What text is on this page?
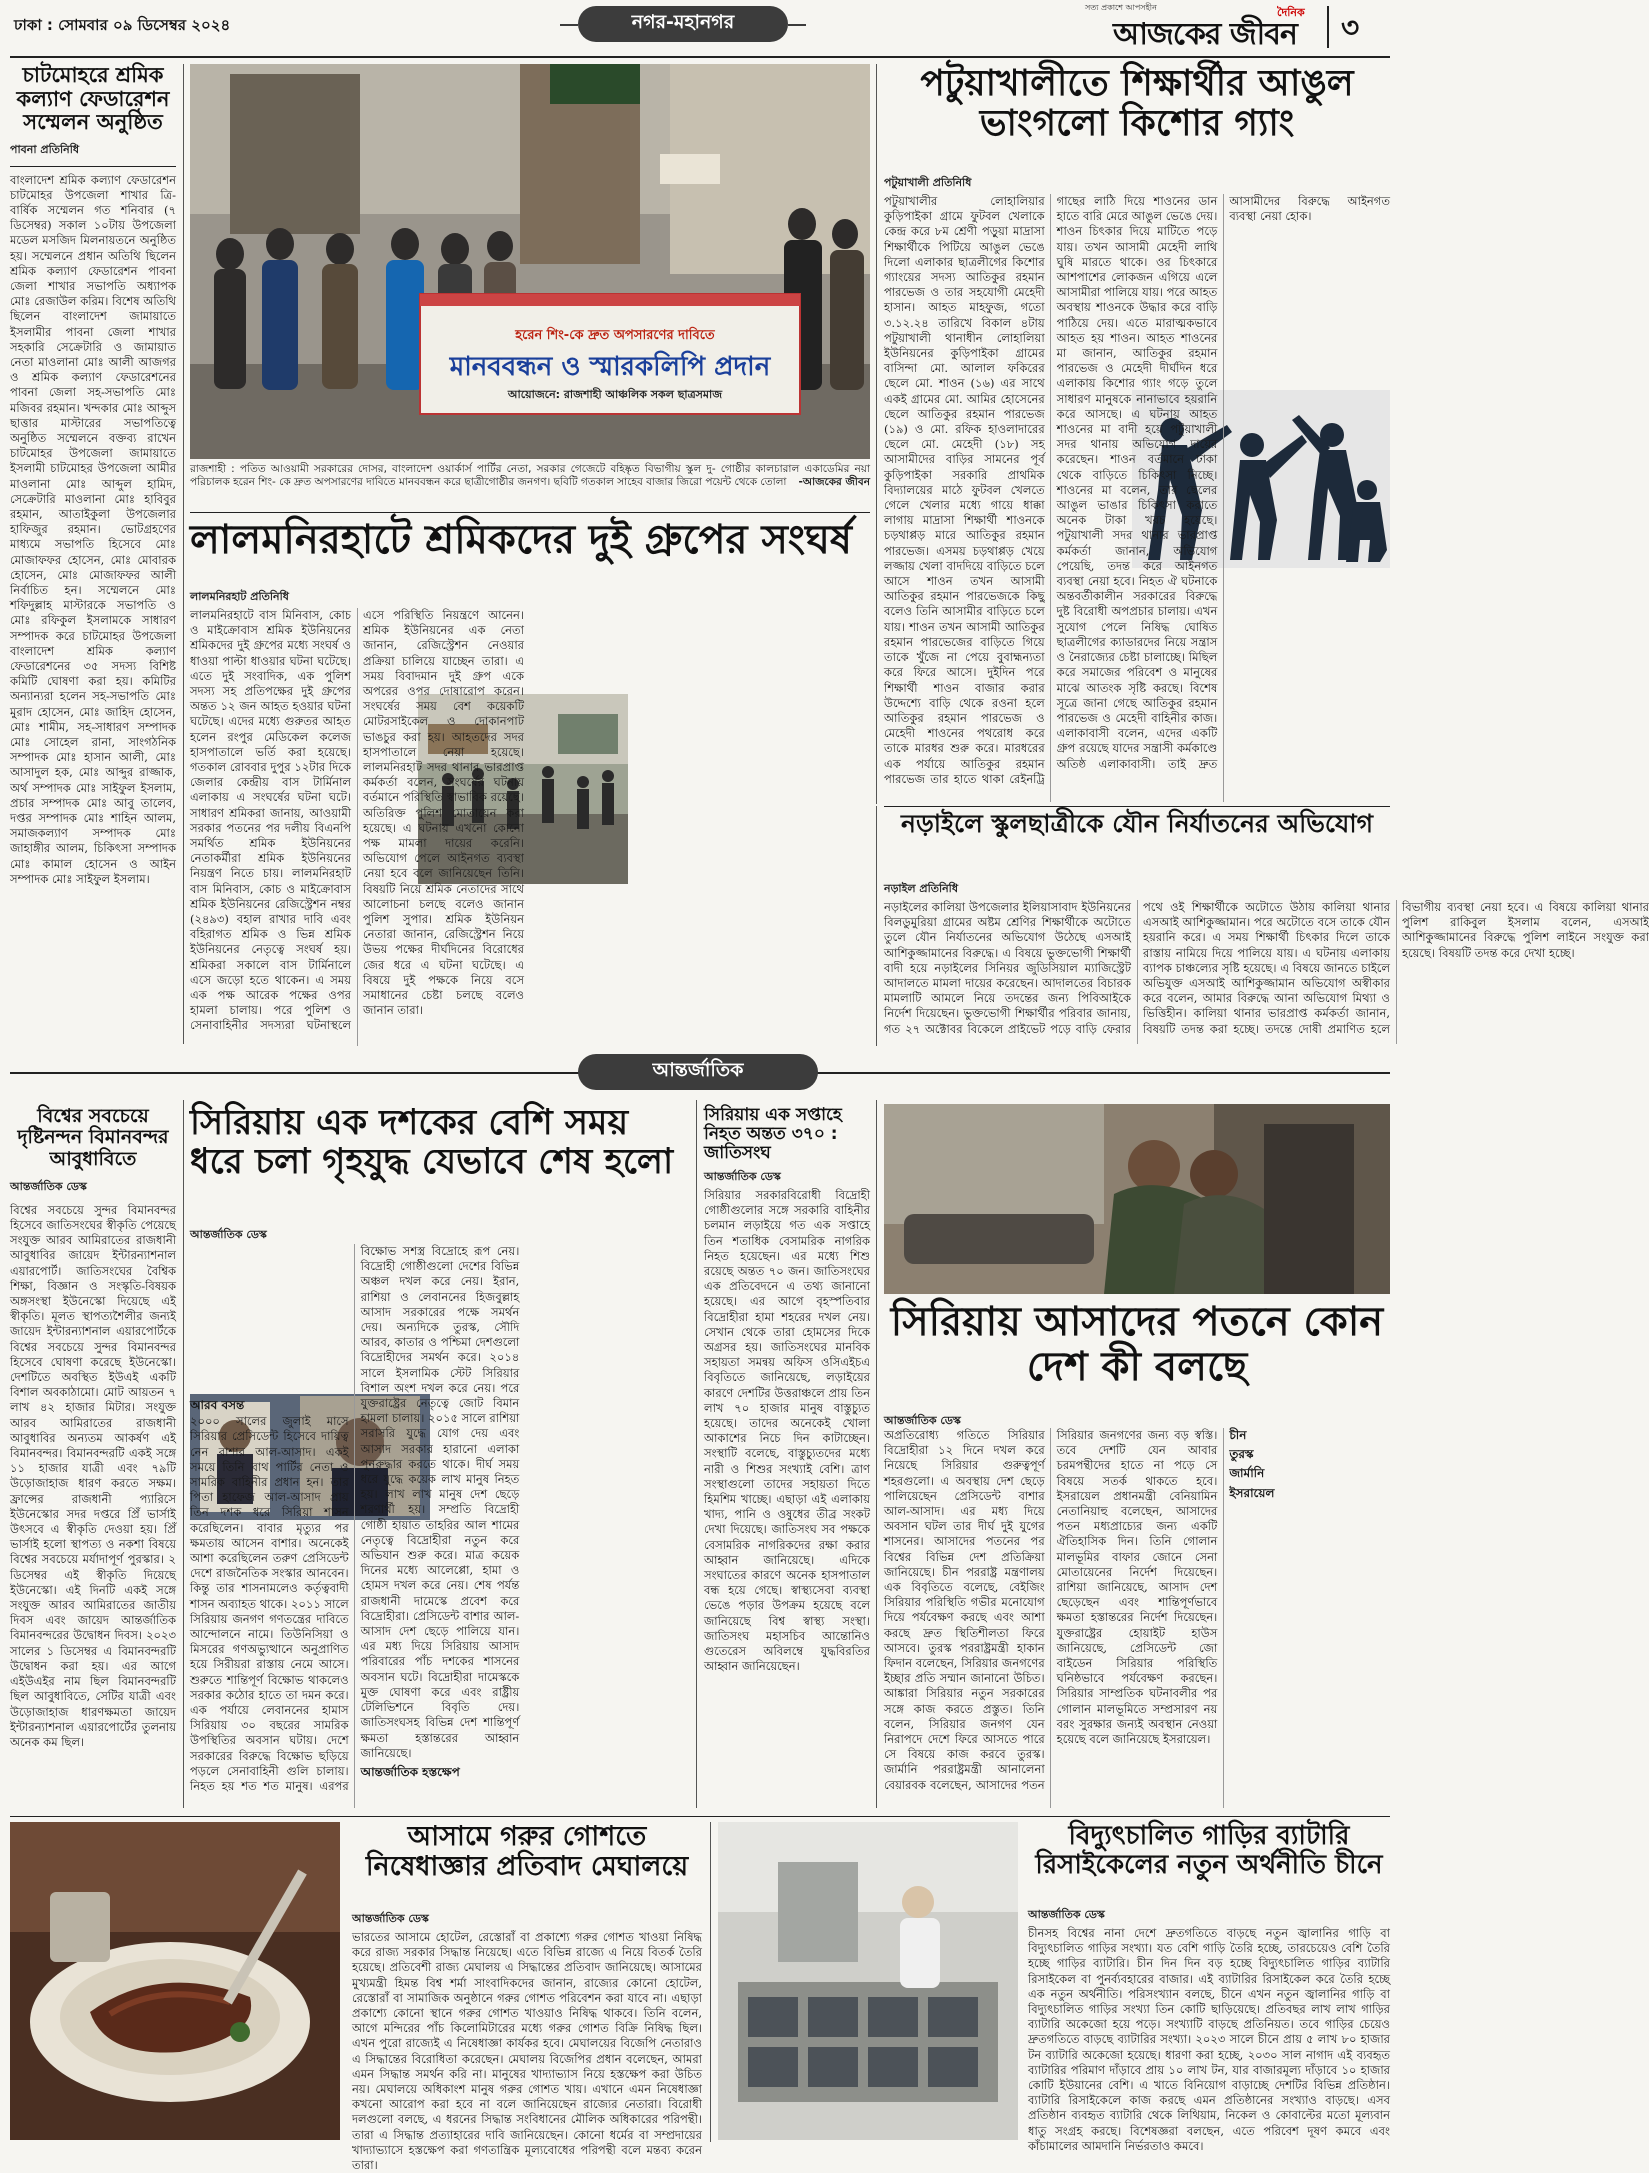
ঢাকা : সোমবার ০৯ ডিসেম্বর ২০২৪	নগর-মহানগর
সত্য প্রকাশে আপসহীন	দৈনিক
আজকের জীবন ৩
চাটমোহরে শ্রমিক কল্যাণ ফেডারেশন সম্মেলন অনুষ্ঠিত
পাবনা প্রতিনিধি
বাংলাদেশ শ্রমিক কল্যাণ ফেডারেশন চাটমোহর উপজেলা শাখার ত্রি-বার্ষিক সম্মেলন গত শনিবার (৭ ডিসেম্বর) সকাল ১০টায় উপজেলা মডেল মসজিদ মিলনায়তনে অনুষ্ঠিত হয়। সম্মেলনে প্রধান অতিথি ছিলেন শ্রমিক কল্যাণ ফেডারেশন পাবনা জেলা শাখার সভাপতি অধ্যাপক মোঃ রেজাউল করিম। বিশেষ অতিথি ছিলেন বাংলাদেশ জামায়াতে ইসলামীর পাবনা জেলা শাখার সহকারি সেক্রেটারি ও জামায়াত নেতা মাওলানা মোঃ আলী আজগর ও শ্রমিক কল্যাণ ফেডারেশনের পাবনা জেলা সহ-সভাপতি মোঃ মজিবর রহমান। খন্দকার মোঃ আব্দুস ছাত্তার মাস্টারের সভাপতিত্বে অনুষ্ঠিত সম্মেলনে বক্তব্য রাখেন চাটমোহর উপজেলা জামায়াতে ইসলামী চাটমোহর উপজেলা আমীর মাওলানা মোঃ আব্দুল হামিদ, সেক্রেটারি মাওলানা মোঃ হাবিবুর রহমান, আতাইকুলা উপজেলার হাফিজুর রহমান। ভোটগ্রহণের মাধ্যমে সভাপতি হিসেবে মোঃ মোজাফফর হোসেন, মোঃ মোবারক হোসেন, মোঃ মোজাফফর আলী নির্বাচিত হন। সম্মেলনে মোঃ শফিদুল্লাহ মাস্টারকে সভাপতি ও মোঃ রফিকুল ইসলামকে সাধারণ সম্পাদক করে চাটমোহর উপজেলা বাংলাদেশ শ্রমিক কল্যাণ ফেডারেশনের ৩৫ সদস্য বিশিষ্ট কমিটি ঘোষণা করা হয়। কমিটির অন্যান্যরা হলেন সহ-সভাপতি মোঃ মুরাদ হোসেন, মোঃ জাহিদ হোসেন, মোঃ শামীম, সহ-সাধারণ সম্পাদক মোঃ সোহেল রানা, সাংগঠনিক সম্পাদক মোঃ হাসান আলী, মোঃ আসাদুল হক, মোঃ আব্দুর রাজ্জাক, অর্থ সম্পাদক মোঃ সাইফুল ইসলাম, প্রচার সম্পাদক মোঃ আবু তালেব, দপ্তর সম্পাদক মোঃ শাহিন আলম, সমাজকল্যাণ সম্পাদক মোঃ জাহাঙ্গীর আলম, চিকিৎসা সম্পাদক মোঃ কামাল হোসেন ও আইন সম্পাদক মোঃ সাইফুল ইসলাম।
হরেন শিং-কে দ্রুত অপসারণের দাবিতে
মানববন্ধন ও স্মারকলিপি প্রদান
আয়োজনে: রাজশাহী আঞ্চলিক সকল ছাত্রসমাজ
রাজশাহী : পতিত আওয়ামী সরকারের দোসর, বাংলাদেশ ওয়ার্কার্স পার্টির নেতা, সরকার গেজেটে বহিষ্কৃত বিভাগীয় স্কুল দু- গোষ্ঠীর কালচারাল একাডেমির নয়া পরিচালক হরেন শিং- কে দ্রুত অপসারণের দাবিতে মানববন্ধন করে ছাত্রীগোষ্ঠীর জনগণ। ছবিটি গতকাল সাহেব বাজার জিরো পয়েন্ট থেকে তোলা -আজকের জীবন
পটুয়াখালীতে শিক্ষার্থীর আঙুল ভাংগলো কিশোর গ্যাং
পটুয়াখালী প্রতিনিধি
পটুয়াখালীর লোহালিয়ার কুড়িপাইকা গ্রামে ফুটবল খেলাকে কেন্দ্র করে ৮ম শ্রেণী পড়ুয়া মাদ্রাসা শিক্ষার্থীকে পিটিয়ে আঙুল ভেঙে দিলো এলাকার ছাত্রলীগের কিশোর গ্যাংয়ের সদস্য আতিকুর রহমান পারভেজ ও তার সহযোগী মেহেদী হাসান। আহত মাহফুজ, গতো ৩.১২.২৪ তারিখে বিকাল ৪টায় পটুয়াখালী থানাধীন লোহালিয়া ইউনিয়নের কুড়িপাইকা গ্রামের বাসিন্দা মো. আলাল ফকিরের ছেলে মো. শাওন (১৬) এর সাথে একই গ্রামের মো. আমির হোসেনের ছেলে আতিকুর রহমান পারভেজ (১৯) ও মো. রফিক হাওলাদারের ছেলে মো. মেহেদী (১৮) সহ আসামীদের বাড়ির সামনের পূর্ব কুড়িপাইকা সরকারি প্রাথমিক বিদ্যালয়ের মাঠে ফুটবল খেলতে গেলে খেলার মধ্যে গায়ে ধাক্কা লাগায় মাদ্রাসা শিক্ষার্থী শাওনকে চড়থাপ্পড় মারে আতিকুর রহমান পারভেজ। এসময় চড়থাপ্পড় খেয়ে লজ্জায় খেলা বাদদিয়ে বাড়িতে চলে আসে শাওন তখন আসামী আতিকুর রহমান পারভেজকে কিছু বলেও তিনি আসামীর বাড়িতে চলে যায়। শাওন তখন আসামী আতিকুর রহমান পারভেজের বাড়িতে গিয়ে তাকে খুঁজে না পেয়ে বুবাহ্মন্যতা করে ফিরে আসে। দুইদিন পরে শিক্ষার্থী শাওন বাজার করার উদ্দেশ্যে বাড়ি থেকে রওনা হলে আতিকুর রহমান পারভেজ ও মেহেদী শাওনের পথরোধ করে তাকে মারধর শুরু করে। মারধরের এক পর্যায়ে আতিকুর রহমান পারভেজ তার হাতে থাকা রেইনট্রি গাছের লাঠি দিয়ে শাওনের ডান হাতে বারি মেরে আঙুল ভেঙে দেয়। শাওন চিৎকার দিয়ে মাটিতে পড়ে যায়। তখন আসামী মেহেদী লাথি ঘুষি মারতে থাকে। ওর চিৎকারে আশপাশের লোকজন এগিয়ে এলে আসামীরা পালিয়ে যায়। পরে আহত অবস্থায় শাওনকে উদ্ধার করে বাড়ি পাঠিয়ে দেয়। এতে মারাত্মকভাবে আহত হয় শাওন। আহত শাওনের মা জানান, আতিকুর রহমান পারভেজ ও মেহেদী দীর্ঘদিন ধরে এলাকায় কিশোর গ্যাং গড়ে তুলে সাধারণ মানুষকে নানাভাবে হয়রানি করে আসছে। এ ঘটনায় আহত শাওনের মা বাদী হয়ে পটুয়াখালী সদর থানায় অভিযোগ দায়ের করেছেন। শাওন বর্তমানে ঢাকা থেকে বাড়িতে চিকিৎসা নিচ্ছে। শাওনের মা বলেন, তার ছেলের আঙুল ভাঙার চিকিৎসা করাতে অনেক টাকা খরচ হয়েছে। পটুয়াখালী সদর থানার ভারপ্রাপ্ত কর্মকর্তা জানান, অভিযোগ পেয়েছি, তদন্ত করে আইনগত ব্যবস্থা নেয়া হবে। নিহত ঐ ঘটনাকে অন্তবর্তীকালীন সরকারের বিরুদ্ধে দুষ্ট বিরোধী অপপ্রচার চালায়। এখন সুযোগ পেলে নিষিদ্ধ ঘোষিত ছাত্রলীগের ক্যাডারদের নিয়ে সন্ত্রাস ও নৈরাজ্যের চেষ্টা চালাচ্ছে। মিছিল করে সমাজের পরিবেশ ও মানুষের মাঝে আতংক সৃষ্টি করছে। বিশেষ সূত্রে জানা গেছে আতিকুর রহমান পারভেজ ও মেহেদী বাহিনীর কাজ। এলাকাবাসী বলেন, এদের একটি গ্রুপ রয়েছে যাদের সন্ত্রাসী কর্মকাণ্ডে অতিষ্ঠ এলাকাবাসী। তাই দ্রুত আসামীদের বিরুদ্ধে আইনগত ব্যবস্থা নেয়া হোক।
লালমনিরহাটে শ্রমিকদের দুই গ্রুপের সংঘর্ষ
লালমনিরহাট প্রতিনিধি
লালমনিরহাটে বাস মিনিবাস, কোচ ও মাইক্রোবাস শ্রমিক ইউনিয়নের শ্রমিকদের দুই গ্রুপের মধ্যে সংঘর্ষ ও ধাওয়া পাল্টা ধাওয়ার ঘটনা ঘটেছে। এতে দুই সংবাদিক, এক পুলিশ সদস্য সহ প্রতিপক্ষের দুই গ্রুপের অন্তত ১২ জন আহত হওয়ার ঘটনা ঘটেছে। এদের মধ্যে গুরুতর আহত হলেন রংপুর মেডিকেল কলেজ হাসপাতালে ভর্তি করা হয়েছে। গতকাল রোববার দুপুর ১২টার দিকে জেলার কেন্দ্রীয় বাস টার্মিনাল এলাকায় এ সংঘর্ষের ঘটনা ঘটে। সাধারণ শ্রমিকরা জানায়, আওয়ামী সরকার পতনের পর দলীয় বিএনপি সমর্থিত শ্রমিক ইউনিয়নের নেতাকর্মীরা শ্রমিক ইউনিয়নের নিয়ন্ত্রণ নিতে চায়। লালমনিরহাট বাস মিনিবাস, কোচ ও মাইক্রোবাস শ্রমিক ইউনিয়নের রেজিস্ট্রেশন নম্বর (২৪৯৩) বহাল রাখার দাবি এবং বহিরাগত শ্রমিক ও ভিন্ন শ্রমিক ইউনিয়নের নেতৃত্বে সংঘর্ষ হয়। শ্রমিকরা সকালে বাস টার্মিনালে এসে জড়ো হতে থাকেন। এ সময় এক পক্ষ আরেক পক্ষের ওপর হামলা চালায়। পরে পুলিশ ও সেনাবাহিনীর সদস্যরা ঘটনাস্থলে এসে পরিস্থিতি নিয়ন্ত্রণে আনেন। শ্রমিক ইউনিয়নের এক নেতা জানান, রেজিস্ট্রেশন নেওয়ার প্রক্রিয়া চালিয়ে যাচ্ছেন তারা। এ সময় বিবাদমান দুই গ্রুপ একে অপরের ওপর দোষারোপ করেন। সংঘর্ষের সময় বেশ কয়েকটি মোটরসাইকেল ও দোকানপাট ভাঙচুর করা হয়। আহতদের সদর হাসপাতালে নেয়া হয়েছে। লালমনিরহাট সদর থানার ভারপ্রাপ্ত কর্মকর্তা বলেন, সংঘর্ষের ঘটনায় বর্তমানে পরিস্থিতি স্বাভাবিক রয়েছে। অতিরিক্ত পুলিশ মোতায়েন করা হয়েছে। এ ঘটনায় এখনো কোনো পক্ষ মামলা দায়ের করেনি। অভিযোগ পেলে আইনগত ব্যবস্থা নেয়া হবে বলে জানিয়েছেন তিনি। বিষয়টি নিয়ে শ্রমিক নেতাদের সাথে আলোচনা চলছে বলেও জানান পুলিশ সুপার। শ্রমিক ইউনিয়ন নেতারা জানান, রেজিস্ট্রেশন নিয়ে উভয় পক্ষের দীর্ঘদিনের বিরোধের জের ধরে এ ঘটনা ঘটেছে। এ বিষয়ে দুই পক্ষকে নিয়ে বসে সমাধানের চেষ্টা চলছে বলেও জানান তারা।
নড়াইলে স্কুলছাত্রীকে যৌন নির্যাতনের অভিযোগ
নড়াইল প্রতিনিধি
নড়াইলের কালিয়া উপজেলার ইলিয়াসাবাদ ইউনিয়নের বিলডুমুরিয়া গ্রামের অষ্টম শ্রেণির শিক্ষার্থীকে অটোতে তুলে যৌন নির্যাতনের অভিযোগ উঠেছে এসআই আশিকুজ্জামানের বিরুদ্ধে। এ বিষয়ে ভুক্তভোগী শিক্ষার্থী বাদী হয়ে নড়াইলের সিনিয়র জুডিসিয়াল ম্যাজিস্ট্রেট আদালতে মামলা দায়ের করেছেন। আদালতের বিচারক মামলাটি আমলে নিয়ে তদন্তের জন্য পিবিআইকে নির্দেশ দিয়েছেন। ভুক্তভোগী শিক্ষার্থীর পরিবার জানায়, গত ২৭ অক্টোবর বিকেলে প্রাইভেট পড়ে বাড়ি ফেরার পথে ওই শিক্ষার্থীকে অটোতে উঠায় কালিয়া থানার এসআই আশিকুজ্জামান। পরে অটোতে বসে তাকে যৌন হয়রানি করে। এ সময় শিক্ষার্থী চিৎকার দিলে তাকে রাস্তায় নামিয়ে দিয়ে পালিয়ে যায়। এ ঘটনায় এলাকায় ব্যাপক চাঞ্চল্যের সৃষ্টি হয়েছে। এ বিষয়ে জানতে চাইলে অভিযুক্ত এসআই আশিকুজ্জামান অভিযোগ অস্বীকার করে বলেন, আমার বিরুদ্ধে আনা অভিযোগ মিথ্যা ও ভিত্তিহীন। কালিয়া থানার ভারপ্রাপ্ত কর্মকর্তা জানান, বিষয়টি তদন্ত করা হচ্ছে। তদন্তে দোষী প্রমাণিত হলে বিভাগীয় ব্যবস্থা নেয়া হবে। এ বিষয়ে কালিয়া থানার পুলিশ রাকিবুল ইসলাম বলেন, এসআই আশিকুজ্জামানের বিরুদ্ধে পুলিশ লাইনে সংযুক্ত করা হয়েছে। বিষয়টি তদন্ত করে দেখা হচ্ছে।
আন্তর্জাতিক
বিশ্বের সবচেয়ে দৃষ্টিনন্দন বিমানবন্দর আবুধাবিতে
আন্তর্জাতিক ডেস্ক
বিশ্বের সবচেয়ে সুন্দর বিমানবন্দর হিসেবে জাতিসংঘের স্বীকৃতি পেয়েছে সংযুক্ত আরব আমিরাতের রাজধানী আবুধাবির জায়েদ ইন্টারন্যাশনাল এয়ারপোর্ট। জাতিসংঘের বৈশ্বিক শিক্ষা, বিজ্ঞান ও সংস্কৃতি-বিষয়ক অঙ্গসংস্থা ইউনেস্কো দিয়েছে এই স্বীকৃতি। মূলত স্থাপত্যশৈলীর জন্যই জায়েদ ইন্টারন্যাশনাল এয়ারপোর্টকে বিশ্বের সবচেয়ে সুন্দর বিমানবন্দর হিসেবে ঘোষণা করেছে ইউনেস্কো। দেশটিতে অবস্থিত ইউএই একটি বিশাল অবকাঠামো। মোট আয়তন ৭ লাখ ৪২ হাজার মিটার। সংযুক্ত আরব আমিরাতের রাজধানী আবুধাবির অন্যতম আকর্ষণ এই বিমানবন্দর। বিমানবন্দরটি একই সঙ্গে ১১ হাজার যাত্রী এবং ৭৯টি উড়োজাহাজ ধারণ করতে সক্ষম। ফ্রান্সের রাজধানী প্যারিসে ইউনেস্কোর সদর দপ্তরে প্রিঁ ভার্সাই উৎসবে এ স্বীকৃতি দেওয়া হয়। প্রিঁ ভার্সাই হলো স্থাপত্য ও নকশা বিষয়ে বিশ্বের সবচেয়ে মর্যাদাপূর্ণ পুরস্কার। ২ ডিসেম্বর এই স্বীকৃতি দিয়েছে ইউনেস্কো। এই দিনটি একই সঙ্গে সংযুক্ত আরব আমিরাতের জাতীয় দিবস এবং জায়েদ আন্তর্জাতিক বিমানবন্দরের উদ্বোধন দিবস। ২০২৩ সালের ১ ডিসেম্বর এ বিমানবন্দরটি উদ্বোধন করা হয়। এর আগে এইউএইর নাম ছিল বিমানবন্দরটি ছিল আবুধাবিতে, সেটির যাত্রী এবং উড়োজাহাজ ধারণক্ষমতা জায়েদ ইন্টারন্যাশনাল এয়ারপোর্টের তুলনায় অনেক কম ছিল।
সিরিয়ায় এক দশকের বেশি সময় ধরে চলা গৃহযুদ্ধ যেভাবে শেষ হলো
আন্তর্জাতিক ডেস্ক
আরব বসন্ত
২০০০ সালের জুলাই মাসে সিরিয়ার প্রেসিডেন্ট হিসেবে দায়িত্ব নেন বাশার আল-আসাদ। একই সময়ে তিনি বাথ পার্টির নেতা ও সামরিক বাহিনীর প্রধান হন। তার পিতা হাফেজ আল-আসাদ প্রায় তিন দশক ধরে সিরিয়া শাসন করেছিলেন। বাবার মৃত্যুর পর ক্ষমতায় আসেন বাশার। অনেকেই আশা করেছিলেন তরুণ প্রেসিডেন্ট দেশে রাজনৈতিক সংস্কার আনবেন। কিন্তু তার শাসনামলেও কর্তৃত্ববাদী শাসন অব্যাহত থাকে। ২০১১ সালে সিরিয়ায় জনগণ গণতন্ত্রের দাবিতে আন্দোলনে নামে। তিউনিসিয়া ও মিসরের গণঅভ্যুত্থানে অনুপ্রাণিত হয়ে সিরীয়রা রাস্তায় নেমে আসে। শুরুতে শান্তিপূর্ণ বিক্ষোভ থাকলেও সরকার কঠোর হাতে তা দমন করে। এক পর্যায়ে লেবাননের হামাস সিরিয়ায় ৩০ বছরের সামরিক উপস্থিতির অবসান ঘটায়। দেশে সরকারের বিরুদ্ধে বিক্ষোভ ছড়িয়ে পড়লে সেনাবাহিনী গুলি চালায়। নিহত হয় শত শত মানুষ। এরপর বিক্ষোভ সশস্ত্র বিদ্রোহে রূপ নেয়। বিদ্রোহী গোষ্ঠীগুলো দেশের বিভিন্ন অঞ্চল দখল করে নেয়। ইরান, রাশিয়া ও লেবাননের হিজবুল্লাহ আসাদ সরকারের পক্ষে সমর্থন দেয়। অন্যদিকে তুরস্ক, সৌদি আরব, কাতার ও পশ্চিমা দেশগুলো বিদ্রোহীদের সমর্থন করে। ২০১৪ সালে ইসলামিক স্টেট সিরিয়ার বিশাল অংশ দখল করে নেয়। পরে যুক্তরাষ্ট্রের নেতৃত্বে জোট বিমান হামলা চালায়। ২০১৫ সালে রাশিয়া সরাসরি যুদ্ধে যোগ দেয় এবং আসাদ সরকার হারানো এলাকা পুনরুদ্ধার করতে থাকে। দীর্ঘ সময় ধরে যুদ্ধে কয়েক লাখ মানুষ নিহত হয়। লাখ লাখ মানুষ দেশ ছেড়ে শরণার্থী হয়। সম্প্রতি বিদ্রোহী গোষ্ঠী হায়াত তাহরির আল শামের নেতৃত্বে বিদ্রোহীরা নতুন করে অভিযান শুরু করে। মাত্র কয়েক দিনের মধ্যে আলেপ্পো, হামা ও হোমস দখল করে নেয়। শেষ পর্যন্ত রাজধানী দামেস্কে প্রবেশ করে বিদ্রোহীরা। প্রেসিডেন্ট বাশার আল-আসাদ দেশ ছেড়ে পালিয়ে যান। এর মধ্য দিয়ে সিরিয়ায় আসাদ পরিবারের পাঁচ দশকের শাসনের অবসান ঘটে। বিদ্রোহীরা দামেস্ককে মুক্ত ঘোষণা করে এবং রাষ্ট্রীয় টেলিভিশনে বিবৃতি দেয়। জাতিসংঘসহ বিভিন্ন দেশ শান্তিপূর্ণ ক্ষমতা হস্তান্তরের আহ্বান জানিয়েছে।
আন্তর্জাতিক হস্তক্ষেপ
সিরিয়ায় এক সপ্তাহে নিহত অন্তত ৩৭০ : জাতিসংঘ
আন্তর্জাতিক ডেস্ক
সিরিয়ার সরকারবিরোধী বিদ্রোহী গোষ্ঠীগুলোর সঙ্গে সরকারি বাহিনীর চলমান লড়াইয়ে গত এক সপ্তাহে তিন শতাধিক বেসামরিক নাগরিক নিহত হয়েছেন। এর মধ্যে শিশু রয়েছে অন্তত ৭০ জন। জাতিসংঘের এক প্রতিবেদনে এ তথ্য জানানো হয়েছে। এর আগে বৃহস্পতিবার বিদ্রোহীরা হামা শহরের দখল নেয়। সেখান থেকে তারা হোমসের দিকে অগ্রসর হয়। জাতিসংঘের মানবিক সহায়তা সমন্বয় অফিস ওসিএইচএ বিবৃতিতে জানিয়েছে, লড়াইয়ের কারণে দেশটির উত্তরাঞ্চলে প্রায় তিন লাখ ৭০ হাজার মানুষ বাস্তুচ্যুত হয়েছে। তাদের অনেকেই খোলা আকাশের নিচে দিন কাটাচ্ছেন। সংস্থাটি বলেছে, বাস্তুচ্যুতদের মধ্যে নারী ও শিশুর সংখ্যাই বেশি। ত্রাণ সংস্থাগুলো তাদের সহায়তা দিতে হিমশিম খাচ্ছে। এছাড়া এই এলাকায় খাদ্য, পানি ও ওষুধের তীব্র সংকট দেখা দিয়েছে। জাতিসংঘ সব পক্ষকে বেসামরিক নাগরিকদের রক্ষা করার আহ্বান জানিয়েছে। এদিকে সংঘাতের কারণে অনেক হাসপাতাল বন্ধ হয়ে গেছে। স্বাস্থ্যসেবা ব্যবস্থা ভেঙে পড়ার উপক্রম হয়েছে বলে জানিয়েছে বিশ্ব স্বাস্থ্য সংস্থা। জাতিসংঘ মহাসচিব আন্তোনিও গুতেরেস অবিলম্বে যুদ্ধবিরতির আহ্বান জানিয়েছেন।
সিরিয়ায় আসাদের পতনে কোন দেশ কী বলছে
আন্তর্জাতিক ডেস্ক
অপ্রতিরোধ্য গতিতে সিরিয়ার বিদ্রোহীরা ১২ দিনে দখল করে নিয়েছে সিরিয়ার গুরুত্বপূর্ণ শহরগুলো। এ অবস্থায় দেশ ছেড়ে পালিয়েছেন প্রেসিডেন্ট বাশার আল-আসাদ। এর মধ্য দিয়ে অবসান ঘটল তার দীর্ঘ দুই যুগের শাসনের। আসাদের পতনের পর বিশ্বের বিভিন্ন দেশ প্রতিক্রিয়া জানিয়েছে। চীন পররাষ্ট্র মন্ত্রণালয় এক বিবৃতিতে বলেছে, বেইজিং সিরিয়ার পরিস্থিতি গভীর মনোযোগ দিয়ে পর্যবেক্ষণ করছে এবং আশা করছে দ্রুত স্থিতিশীলতা ফিরে আসবে। তুরস্ক পররাষ্ট্রমন্ত্রী হাকান ফিদান বলেছেন, সিরিয়ার জনগণের ইচ্ছার প্রতি সম্মান জানানো উচিত। আঙ্কারা সিরিয়ার নতুন সরকারের সঙ্গে কাজ করতে প্রস্তুত। তিনি বলেন, সিরিয়ার জনগণ যেন নিরাপদে দেশে ফিরে আসতে পারে সে বিষয়ে কাজ করবে তুরস্ক। জার্মানি পররাষ্ট্রমন্ত্রী আনালেনা বেয়ারবক বলেছেন, আসাদের পতন সিরিয়ার জনগণের জন্য বড় স্বস্তি। তবে দেশটি যেন আবার চরমপন্থীদের হাতে না পড়ে সে বিষয়ে সতর্ক থাকতে হবে। ইসরায়েল প্রধানমন্ত্রী বেনিয়ামিন নেতানিয়াহু বলেছেন, আসাদের পতন মধ্যপ্রাচ্যের জন্য একটি ঐতিহাসিক দিন। তিনি গোলান মালভূমির বাফার জোনে সেনা মোতায়েনের নির্দেশ দিয়েছেন। রাশিয়া জানিয়েছে, আসাদ দেশ ছেড়েছেন এবং শান্তিপূর্ণভাবে ক্ষমতা হস্তান্তরের নির্দেশ দিয়েছেন। যুক্তরাষ্ট্রের হোয়াইট হাউস জানিয়েছে, প্রেসিডেন্ট জো বাইডেন সিরিয়ার পরিস্থিতি ঘনিষ্ঠভাবে পর্যবেক্ষণ করছেন। সিরিয়ার সাম্প্রতিক ঘটনাবলীর পর গোলান মালভূমিতে সম্প্রসারণ নয় বরং সুরক্ষার জন্যই অবস্থান নেওয়া হয়েছে বলে জানিয়েছে ইসরায়েল।
চীন
তুরস্ক
জার্মানি
ইসরায়েল
আসামে গরুর গোশতে নিষেধাজ্ঞার প্রতিবাদ মেঘালয়ে
আন্তর্জাতিক ডেস্ক
ভারতের আসামে হোটেল, রেস্তোরাঁ বা প্রকাশ্যে গরুর গোশত খাওয়া নিষিদ্ধ করে রাজ্য সরকার সিদ্ধান্ত নিয়েছে। এতে বিভিন্ন রাজ্যে এ নিয়ে বিতর্ক তৈরি হয়েছে। প্রতিবেশী রাজ্য মেঘালয় এ সিদ্ধান্তের প্রতিবাদ জানিয়েছে। আসামের মুখ্যমন্ত্রী হিমন্ত বিশ্ব শর্মা সাংবাদিকদের জানান, রাজ্যের কোনো হোটেল, রেস্তোরাঁ বা সামাজিক অনুষ্ঠানে গরুর গোশত পরিবেশন করা যাবে না। এছাড়া প্রকাশ্যে কোনো স্থানে গরুর গোশত খাওয়াও নিষিদ্ধ থাকবে। তিনি বলেন, আগে মন্দিরের পাঁচ কিলোমিটারের মধ্যে গরুর গোশত বিক্রি নিষিদ্ধ ছিল। এখন পুরো রাজ্যেই এ নিষেধাজ্ঞা কার্যকর হবে। মেঘালয়ের বিজেপি নেতারাও এ সিদ্ধান্তের বিরোধিতা করেছেন। মেঘালয় বিজেপির প্রধান বলেছেন, আমরা এমন সিদ্ধান্ত সমর্থন করি না। মানুষের খাদ্যাভ্যাস নিয়ে হস্তক্ষেপ করা উচিত নয়। মেঘালয়ে অধিকাংশ মানুষ গরুর গোশত খায়। এখানে এমন নিষেধাজ্ঞা কখনো আরোপ করা হবে না বলে জানিয়েছেন রাজ্যের নেতারা। বিরোধী দলগুলো বলছে, এ ধরনের সিদ্ধান্ত সংবিধানের মৌলিক অধিকারের পরিপন্থী। তারা এ সিদ্ধান্ত প্রত্যাহারের দাবি জানিয়েছেন। কোনো ধর্মের বা সম্প্রদায়ের খাদ্যাভ্যাসে হস্তক্ষেপ করা গণতান্ত্রিক মূল্যবোধের পরিপন্থী বলে মন্তব্য করেন তারা।
বিদ্যুৎচালিত গাড়ির ব্যাটারি রিসাইকেলের নতুন অর্থনীতি চীনে
আন্তর্জাতিক ডেস্ক
চীনসহ বিশ্বের নানা দেশে দ্রুতগতিতে বাড়ছে নতুন জ্বালানির গাড়ি বা বিদ্যুৎচালিত গাড়ির সংখ্যা। যত বেশি গাড়ি তৈরি হচ্ছে, তারচেয়েও বেশি তৈরি হচ্ছে গাড়ির ব্যাটারি। চীন দিন দিন বড় হচ্ছে বিদ্যুৎচালিত গাড়ির ব্যাটারি রিসাইকেল বা পুনর্ব্যবহারের বাজার। এই ব্যাটারির রিসাইকেল করে তৈরি হচ্ছে এক নতুন অর্থনীতি। পরিসংখ্যান বলছে, চীনে এখন নতুন জ্বালানির গাড়ি বা বিদ্যুৎচালিত গাড়ির সংখ্যা তিন কোটি ছাড়িয়েছে। প্রতিবছর লাখ লাখ গাড়ির ব্যাটারি অকেজো হয়ে পড়ে। সংখ্যাটি বাড়ছে প্রতিনিয়ত। তবে গাড়ির চেয়েও দ্রুতগতিতে বাড়ছে ব্যাটারির সংখ্যা। ২০২৩ সালে চীনে প্রায় ৫ লাখ ৮০ হাজার টন ব্যাটারি অকেজো হয়েছে। ধারণা করা হচ্ছে, ২০৩০ সাল নাগাদ এই ব্যবহৃত ব্যাটারির পরিমাণ দাঁড়াবে প্রায় ১০ লাখ টন, যার বাজারমূল্য দাঁড়াবে ১০ হাজার কোটি ইউয়ানের বেশি। এ খাতে বিনিয়োগ বাড়াচ্ছে দেশটির বিভিন্ন প্রতিষ্ঠান। ব্যাটারি রিসাইকেলে কাজ করছে এমন প্রতিষ্ঠানের সংখ্যাও বাড়ছে। এসব প্রতিষ্ঠান ব্যবহৃত ব্যাটারি থেকে লিথিয়াম, নিকেল ও কোবাল্টের মতো মূল্যবান ধাতু সংগ্রহ করছে। বিশেষজ্ঞরা বলছেন, এতে পরিবেশ দূষণ কমবে এবং কাঁচামালের আমদানি নির্ভরতাও কমবে।
